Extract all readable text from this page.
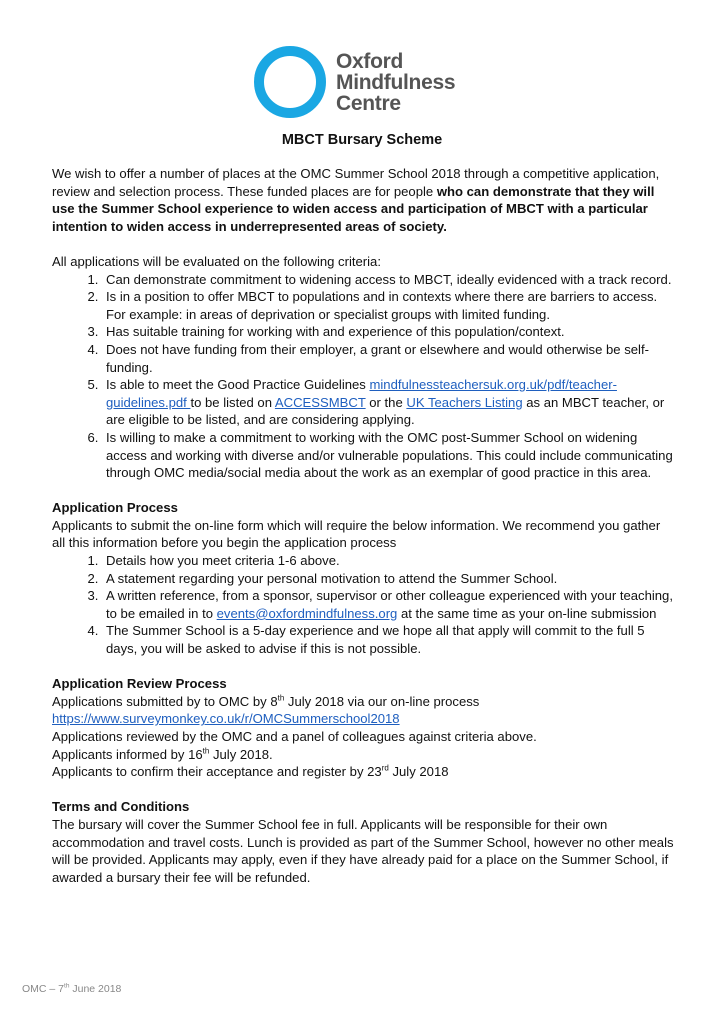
Oxford
Mindfulness
Centre
MBCT Bursary Scheme

We wish to offer a number of places at the OMC Summer School 2018 through a competitive application, review and selection process. These funded places are for people who can demonstrate that they will use the Summer School experience to widen access and participation of MBCT with a particular intention to widen access in underrepresented areas of society.

All applications will be evaluated on the following criteria:

1. Can demonstrate commitment to widening access to MBCT, ideally evidenced with a track record.
2. Is in a position to offer MBCT to populations and in contexts where there are barriers to access. For example: in areas of deprivation or specialist groups with limited funding.
3. Has suitable training for working with and experience of this population/context.
4. Does not have funding from their employer, a grant or elsewhere and would otherwise be self-funding.
5. Is able to meet the Good Practice Guidelines mindfulnessteachersuk.org.uk/pdf/teacher-guidelines.pdf to be listed on ACCESSMBCT or the UK Teachers Listing as an MBCT teacher, or are eligible to be listed, and are considering applying.
6. Is willing to make a commitment to working with the OMC post-Summer School on widening access and working with diverse and/or vulnerable populations. This could include communicating through OMC media/social media about the work as an exemplar of good practice in this area.

Application Process

Applicants to submit the on-line form which will require the below information. We recommend you gather all this information before you begin the application process

1. Details how you meet criteria 1-6 above.
2. A statement regarding your personal motivation to attend the Summer School.
3. A written reference, from a sponsor, supervisor or other colleague experienced with your teaching, to be emailed in to events@oxfordmindfulness.org at the same time as your on-line submission
4. The Summer School is a 5-day experience and we hope all that apply will commit to the full 5 days, you will be asked to advise if this is not possible.

Application Review Process

Applications submitted by to OMC by 8th July 2018 via our on-line process

https://www.surveymonkey.co.uk/r/OMCSummerschool2018

Applications reviewed by the OMC and a panel of colleagues against criteria above.

Applicants informed by 16th July 2018.

Applicants to confirm their acceptance and register by 23rd July 2018

Terms and Conditions

The bursary will cover the Summer School fee in full. Applicants will be responsible for their own accommodation and travel costs. Lunch is provided as part of the Summer School, however no other meals will be provided. Applicants may apply, even if they have already paid for a place on the Summer School, if awarded a bursary their fee will be refunded.

OMC – 7th June 2018
